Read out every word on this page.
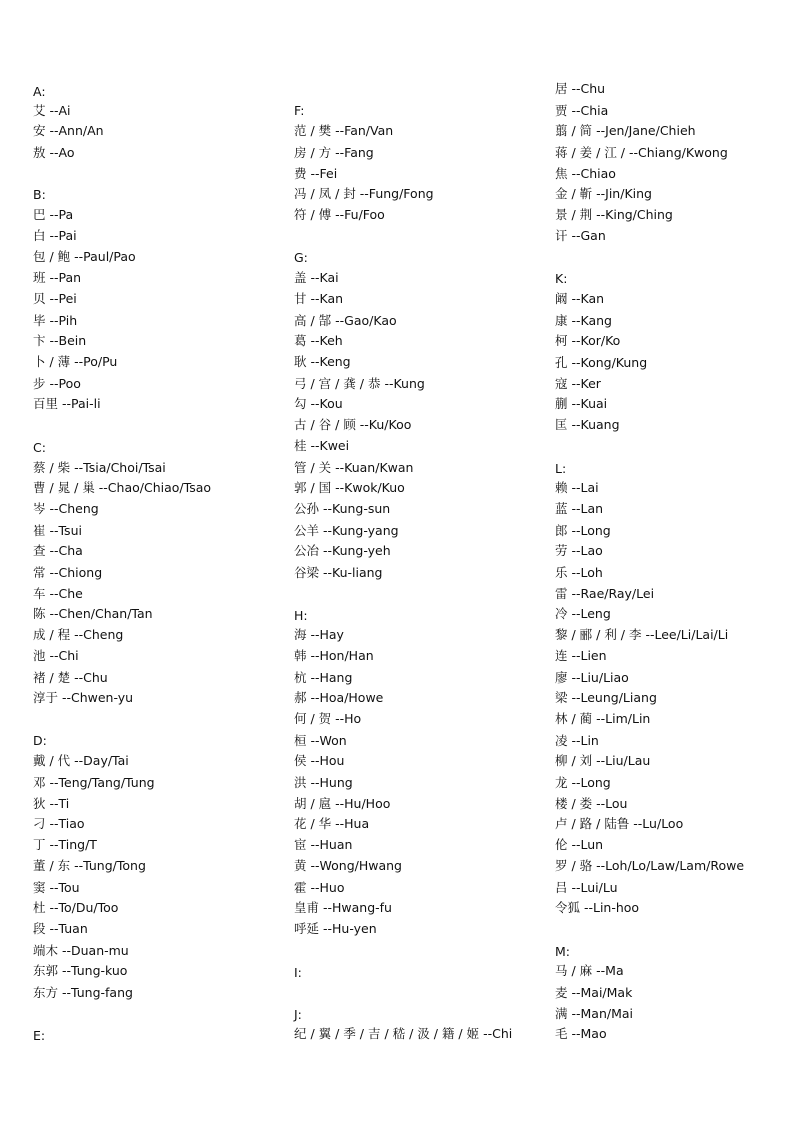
A:
艾 --Ai
安 --Ann/An
敖 --Ao
B:
巴 --Pa
白 --Pai
包 / 鲍 --Paul/Pao
班 --Pan
贝 --Pei
毕 --Pih
卞 --Bein
卜 / 薄 --Po/Pu
步 --Poo
百里 --Pai-li
C:
蔡 / 柴 --Tsia/Choi/Tsai
曹 / 晁 / 巢 --Chao/Chiao/Tsao
岑 --Cheng
崔 --Tsui
查 --Cha
常 --Chiong
车 --Che
陈 --Chen/Chan/Tan
成 / 程 --Cheng
池 --Chi
褚 / 楚 --Chu
淳于 --Chwen-yu
D:
戴 / 代 --Day/Tai
邓 --Teng/Tang/Tung
狄 --Ti
刁 --Tiao
丁 --Ting/T
董 / 东 --Tung/Tong
窦 --Tou
杜 --To/Du/Too
段 --Tuan
端木 --Duan-mu
东郭 --Tung-kuo
东方 --Tung-fang
E:
F:
范 / 樊 --Fan/Van
房 / 方 --Fang
费 --Fei
冯 / 凤 / 封 --Fung/Fong
符 / 傅 --Fu/Foo
G:
盖 --Kai
甘 --Kan
高 / 郜 --Gao/Kao
葛 --Keh
耿 --Keng
弓 / 宫 / 龚 / 恭 --Kung
勾 --Kou
古 / 谷 / 顾 --Ku/Koo
桂 --Kwei
管 / 关 --Kuan/Kwan
郭 / 国 --Kwok/Kuo
公孙 --Kung-sun
公羊 --Kung-yang
公冶 --Kung-yeh
谷梁 --Ku-liang
H:
海 --Hay
韩 --Hon/Han
杭 --Hang
郝 --Hoa/Howe
何 / 贺 --Ho
桓 --Won
侯 --Hou
洪 --Hung
胡 / 扈 --Hu/Hoo
花 / 华 --Hua
宦 --Huan
黄 --Wong/Hwang
霍 --Huo
皇甫 --Hwang-fu
呼延 --Hu-yen
I:
J:
纪 / 翼 / 季 / 吉 / 嵇 / 汲 / 籍 / 姬 --Chi
居 --Chu
贾 --Chia
翦 / 简 --Jen/Jane/Chieh
蒋 / 姜 / 江 / --Chiang/Kwong
焦 --Chiao
金 / 靳 --Jin/King
景 / 荆 --King/Ching
讦 --Gan
K:
阚 --Kan
康 --Kang
柯 --Kor/Ko
孔 --Kong/Kung
寇 --Ker
蒯 --Kuai
匡 --Kuang
L:
赖 --Lai
蓝 --Lan
郎 --Long
劳 --Lao
乐 --Loh
雷 --Rae/Ray/Lei
冷 --Leng
黎 / 郦 / 利 / 李 --Lee/Li/Lai/Li
连 --Lien
廖 --Liu/Liao
梁 --Leung/Liang
林 / 蔺 --Lim/Lin
凌 --Lin
柳 / 刘 --Liu/Lau
龙 --Long
楼 / 娄 --Lou
卢 / 路 / 陆鲁 --Lu/Loo
伦 --Lun
罗 / 骆 --Loh/Lo/Law/Lam/Rowe
吕 --Lui/Lu
令狐 --Lin-hoo
M:
马 / 麻 --Ma
麦 --Mai/Mak
满 --Man/Mai
毛 --Mao
